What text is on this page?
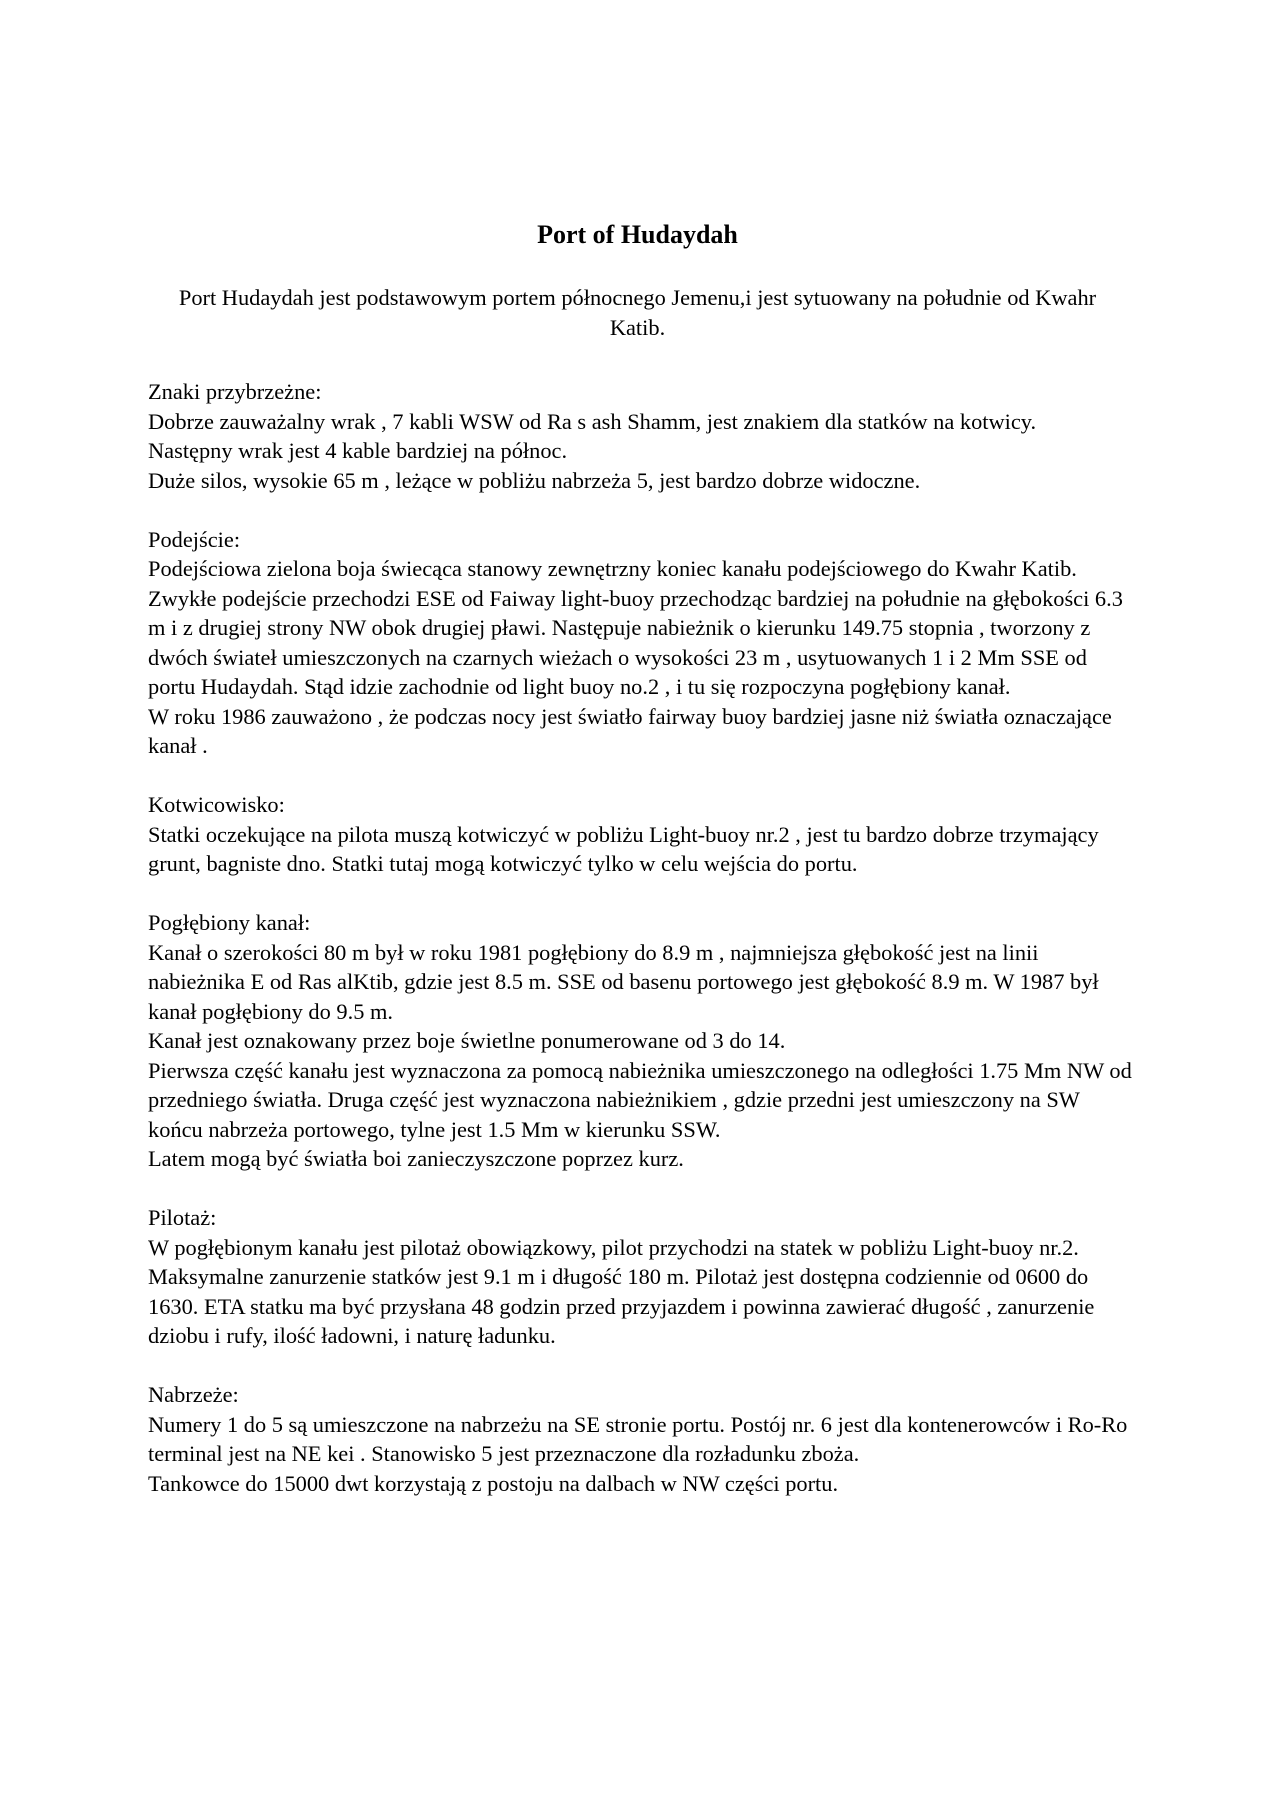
Port of Hudaydah
Port Hudaydah jest podstawowym portem północnego Jemenu,i jest sytuowany na południe od Kwahr Katib.
Znaki przybrzeżne:
Dobrze zauważalny wrak , 7 kabli WSW od Ra s ash Shamm, jest znakiem dla statków na kotwicy.
Następny wrak jest 4 kable bardziej na północ.
Duże silos, wysokie 65 m , leżące w pobliżu nabrzeża 5, jest bardzo dobrze widoczne.
Podejście:
Podejściowa zielona boja świecąca stanowy zewnętrzny koniec kanału podejściowego do Kwahr Katib.
Zwykłe podejście przechodzi ESE od Faiway light-buoy przechodząc bardziej na południe na głębokości 6.3 m i z drugiej strony NW obok drugiej pławi. Następuje nabieżnik o kierunku 149.75 stopnia , tworzony z dwóch świateł umieszczonych na czarnych wieżach o wysokości 23 m , usytuowanych 1 i 2 Mm SSE od portu Hudaydah. Stąd idzie zachodnie od light buoy no.2 , i tu się rozpoczyna pogłębiony kanał.
W roku 1986 zauważono , że podczas nocy jest światło fairway buoy bardziej jasne niż światła oznaczające kanał .
Kotwicowisko:
Statki oczekujące na pilota muszą kotwiczyć w pobliżu Light-buoy nr.2 , jest tu bardzo dobrze trzymający grunt, bagniste dno. Statki tutaj mogą kotwiczyć tylko w celu wejścia do portu.
Pogłębiony kanał:
Kanał o szerokości 80 m był w roku 1981 pogłębiony do 8.9 m , najmniejsza głębokość jest na linii nabieżnika E od Ras alKtib, gdzie jest 8.5 m. SSE od basenu portowego jest głębokość 8.9 m. W 1987 był kanał pogłębiony do 9.5 m.
Kanał jest oznakowany przez boje świetlne ponumerowane od 3 do 14.
Pierwsza część kanału jest wyznaczona za pomocą nabieżnika umieszczonego na odległości 1.75 Mm NW od przedniego światła. Druga część jest wyznaczona nabieżnikiem , gdzie przedni jest umieszczony na SW końcu nabrzeża portowego, tylne jest 1.5 Mm w kierunku SSW.
Latem mogą być światła boi zanieczyszczone poprzez kurz.
Pilotaż:
W pogłębionym kanału jest pilotaż obowiązkowy, pilot przychodzi na statek w pobliżu Light-buoy nr.2. Maksymalne zanurzenie statków jest 9.1 m i długość 180 m. Pilotaż jest dostępna codziennie od 0600 do 1630. ETA statku ma być przysłana 48 godzin przed przyjazdem i powinna zawierać długość , zanurzenie dziobu i rufy, ilość ładowni, i naturę ładunku.
Nabrzeże:
Numery 1 do 5 są umieszczone na nabrzeżu na SE stronie portu. Postój nr. 6 jest dla kontenerowców i Ro-Ro terminal jest na NE kei . Stanowisko 5 jest przeznaczone dla rozładunku zboża.
Tankowce do 15000 dwt korzystają z postoju na dalbach w NW części portu.
